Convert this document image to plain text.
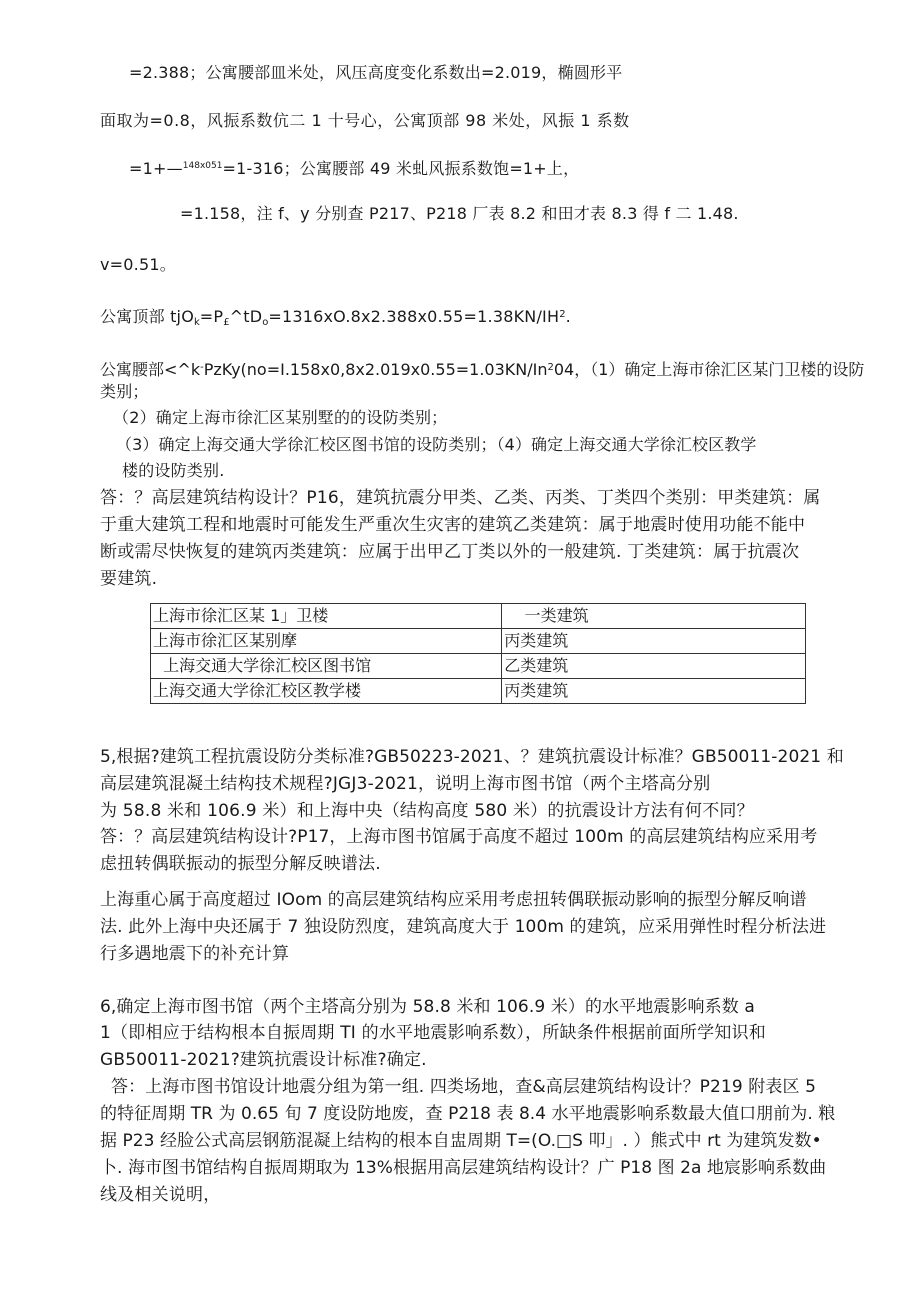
=2.388；公寓腰部皿米处，风压高度变化系数出=2.019，椭圆形平
面取为=0.8，风振系数伉二 1 十号心，公寓顶部 98 米处，风振 1 系数
=1+—$^{148x051}$=1-316；公寓腰部 49 米虬风振系数饱=1+上，
=1.158，注 f、y 分别查 P217、P218 厂表 8.2 和田才表 8.3 得 f 二 1.48.
v=0.51。
公寓顶部 $tjO_k=P_£\^{}tD_o=1316xO.8x2.388x0.55=1.38KN/IH^2$.
公寓腰部$<\^{}k^-PzKy(no=I.158x0,8x2.019x0.55=1.03KN/In^204$，（1）确定上海市徐汇区某门卫楼的设防
类别；
（2）确定上海市徐汇区某别墅的的设防类别；
（3）确定上海交通大学徐汇校区图书馆的设防类别；（4）确定上海交通大学徐汇校区教学
楼的设防类别.
答：？高层建筑结构设计？P16，建筑抗震分甲类、乙类、丙类、丁类四个类别：甲类建筑：属
于重大建筑工程和地震时可能发生严重次生灾害的建筑乙类建筑：属于地震时使用功能不能中
断或需尽快恢复的建筑丙类建筑：应属于出甲乙丁类以外的一般建筑. 丁类建筑：属于抗震次
要建筑.
上海市徐汇区某 1」卫楼	一类建筑
上海市徐汇区某别摩	丙类建筑
上海交通大学徐汇校区图书馆	乙类建筑
上海交通大学徐汇校区教学楼	丙类建筑
5,根据?建筑工程抗震设防分类标准?GB50223-2021、？建筑抗震设计标准？GB50011-2021 和
高层建筑混凝土结构技术规程?JGJ3-2021，说明上海市图书馆（两个主塔高分别
为 58.8 米和 106.9 米）和上海中央（结构高度 580 米）的抗震设计方法有何不同？
答：？高层建筑结构设计?P17，上海市图书馆属于高度不超过 100m 的高层建筑结构应采用考
虑扭转偶联振动的振型分解反映谱法.
上海重心属于高度超过 IOom 的高层建筑结构应采用考虑扭转偶联振动影响的振型分解反响谱
法. 此外上海中央还属于 7 独设防烈度，建筑高度大于 100m 的建筑，应采用弹性时程分析法进
行多遇地震下的补充计算
6,确定上海市图书馆（两个主塔高分别为 58.8 米和 106.9 米）的水平地震影响系数 a
1（即相应于结构根本自振周期 TI 的水平地震影响系数），所缺条件根据前面所学知识和
GB50011-2021?建筑抗震设计标准?确定.
答：上海市图书馆设计地震分组为第一组. 四类场地，查&高层建筑结构设计？P219 附表区 5
的特征周期 TR 为 0.65 旬 7 度设防地废，查 P218 表 8.4 水平地震影响系数最大值口朋前为. 粮
据 P23 经脸公式高层钢筋混凝上结构的根本自盅周期 T=(O.□S 叩」. ）熊式中 rt 为建筑发数•
卜. 海市图书馆结构自振周期取为 13%根据用高层建筑结构设计？广 P18 图 2a 地宸影响系数曲
线及相关说明，
